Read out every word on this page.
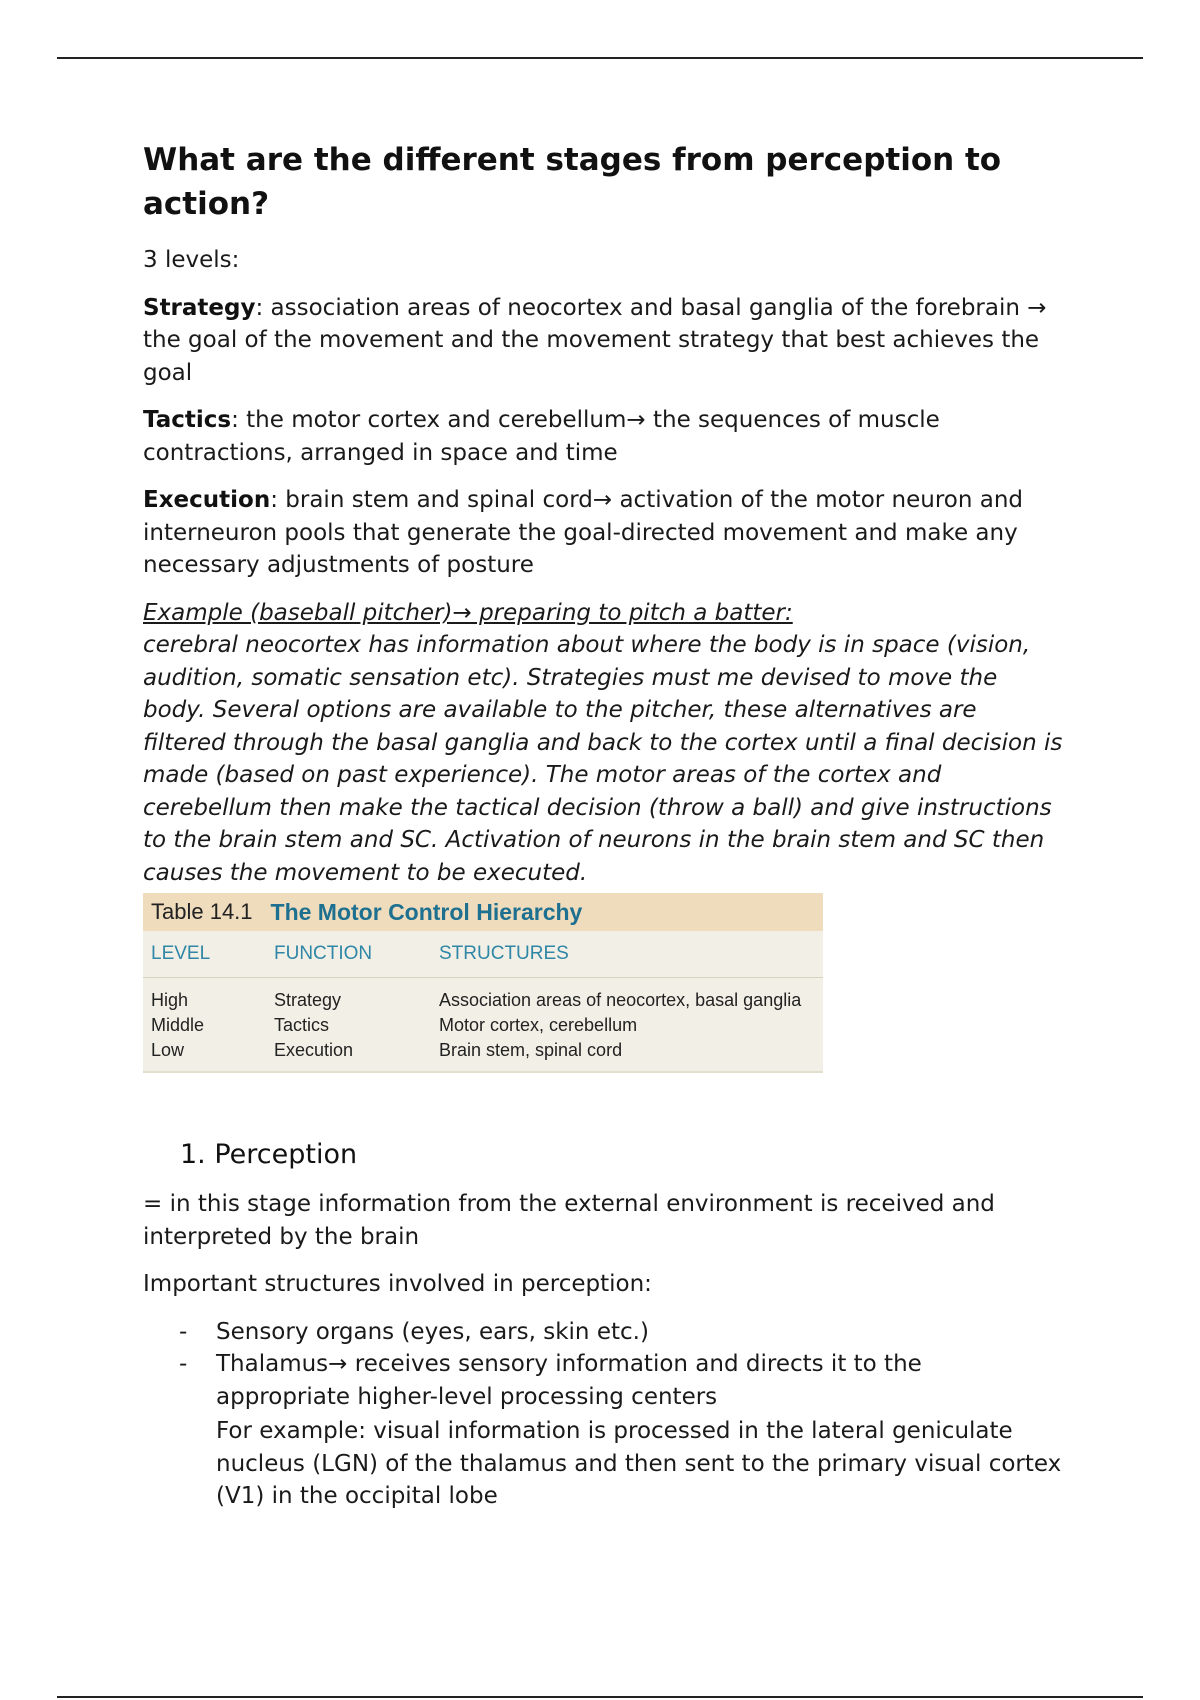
What are the different stages from perception to action?

3 levels:

Strategy: association areas of neocortex and basal ganglia of the forebrain → the goal of the movement and the movement strategy that best achieves the goal

Tactics: the motor cortex and cerebellum→ the sequences of muscle contractions, arranged in space and time

Execution: brain stem and spinal cord→ activation of the motor neuron and interneuron pools that generate the goal-directed movement and make any necessary adjustments of posture

Example (baseball pitcher)→ preparing to pitch a batter:
cerebral neocortex has information about where the body is in space (vision, audition, somatic sensation etc). Strategies must me devised to move the body. Several options are available to the pitcher, these alternatives are filtered through the basal ganglia and back to the cortex until a final decision is made (based on past experience). The motor areas of the cortex and cerebellum then make the tactical decision (throw a ball) and give instructions to the brain stem and SC. Activation of neurons in the brain stem and SC then causes the movement to be executed.

Table 14.1 The Motor Control Hierarchy
LEVEL	FUNCTION	STRUCTURES
High	Strategy	Association areas of neocortex, basal ganglia
Middle	Tactics	Motor cortex, cerebellum
Low	Execution	Brain stem, spinal cord
1. Perception

= in this stage information from the external environment is received and interpreted by the brain

Important structures involved in perception:

- Sensory organs (eyes, ears, skin etc.)
- Thalamus→ receives sensory information and directs it to the appropriate higher-level processing centers
For example: visual information is processed in the lateral geniculate nucleus (LGN) of the thalamus and then sent to the primary visual cortex (V1) in the occipital lobe
